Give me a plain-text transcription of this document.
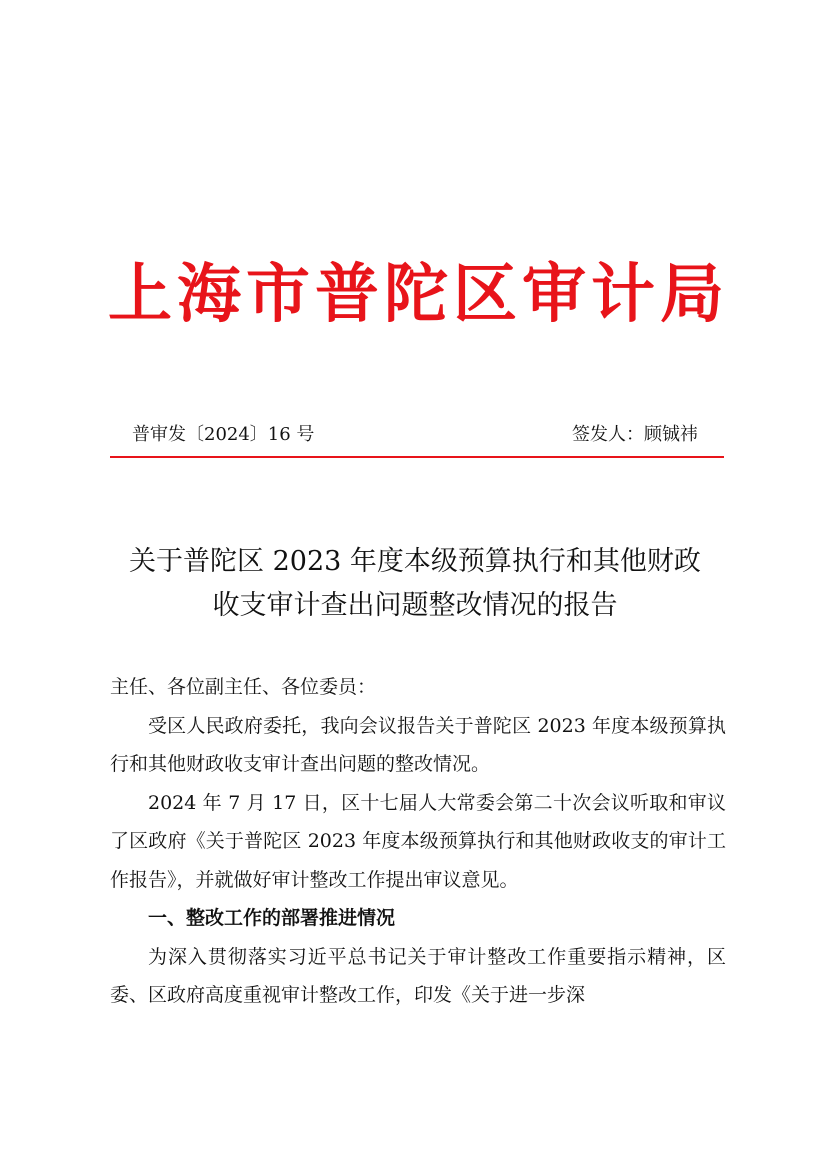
上海市普陀区审计局
普审发〔2024〕16 号	签发人：顾铖祎
关于普陀区 2023 年度本级预算执行和其他财政
收支审计查出问题整改情况的报告

主任、各位副主任、各位委员：

受区人民政府委托，我向会议报告关于普陀区 2023 年度本级预算执行和其他财政收支审计查出问题的整改情况。

2024 年 7 月 17 日，区十七届人大常委会第二十次会议听取和审议了区政府《关于普陀区 2023 年度本级预算执行和其他财政收支的审计工作报告》，并就做好审计整改工作提出审议意见。

一、整改工作的部署推进情况

为深入贯彻落实习近平总书记关于审计整改工作重要指示精神，区委、区政府高度重视审计整改工作，印发《关于进一步深
